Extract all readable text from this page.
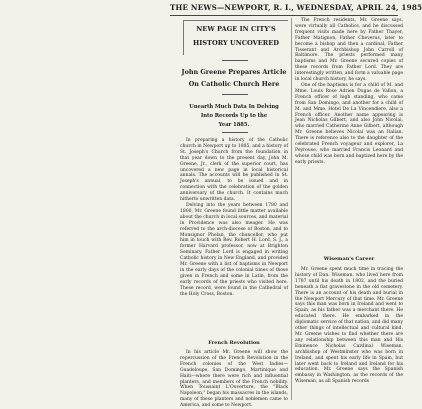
THE NEWS—NEWPORT, R. I., WEDNESDAY, APRIL 24, 1985
NEW PAGE IN CITY'S
HISTORY UNCOVERED
John Greene Prepares Article
On Catholic Church Here
Unearth Much Data In Delving
Into Records Up to the
Year 1885.

In preparing a history of the Catholic church in Newport up to 1885, and a history of St. Joseph's Church from the foundation in that year down to the present day, John M. Greene, Jr., clerk of the superior court, has uncovered a new page in local historical annals. The accounts will be published in St. Joseph's annual, to be issued and in connection with the celebration of the golden anniversary of the church. It contains much hitherto unwritten data.

Delving into the years between 1780 and 1800, Mr. Greene found little matter available about the church in local sources, and material in Providence was also meager. He was referred to the arch-diocese of Boston, and to Monsignor Phelan, the chancellor, who put him in touch with Rev. Robert H. Lord, S. J., a former Harvard professor, now at Brighton Seminary. Father Lord is engaged in writing Catholic history in New England, and provided Mr. Greene with a list of baptisms in Newport in the early days of the colonial times of those given in French and some in Latin, from the early records of the priests who visited here. These record, were found in the Cathedral of the Holy Cross, Boston.

French Revolution

In his article Mr. Greene will show the repercussion of the French Revolution in the French colonies of the West Indies—Guadeloupe, San Domingo, Martinique and Haiti—where there were rich and influential planters, and members of the French nobility. When Toussaint L'Ouverture, the "Black Napoleon," began his massacres in the islands, many of these planters and noblemen came to America, and some to Newport.

The French residents, Mr. Greene says, were virtually all Catholics, and he discussed frequent visits made here by Father Thayer, Father Matignon, Father Cheverus, later to become a bishop and then a cardinal, Father Tisserant and Archbishop John Carroll of Baltimore. The priests performed many baptisms and Mr. Greene secured copies of these records from Father Lord. They are interestingly written, and form a valuable page in local church history, he says.

One of the baptisms is for a child of M. and Mme. Louis Rose Adrien Dugas de Vallon, a French officer of high standing, who came from San Domingo, and another for a child of M. and Mme. Hotel De La Vincendiere, also a French officer. Another name appearing is Jean Nicholas Gilbert, and also John Nicolai, who married Catherine Anne Gilbert, although Mr. Greene believes Nicolai was an Italian. There is reference also to the daughter of the celebrated French voyageur and explorer, La Peyrouse, who married Francis Leonard and whose child was born and baptized here by the early priests.

Wiseman's Career

Mr. Greene spent much time in tracing the history of Dan. Wiseman, who lived here from 1787 until his death in 1802, and the buried beneath a flat gravestone in the old cemetery. There is an account of his death and burial in the Newport Mercury of that time. Mr. Greene says this man was born in Ireland and went to Spain, as his father was a merchant there. He educated there. He embarked in the diplomatic service of that nation, and did many other things of intellectual and cultural kind. Mr. Greene wishes to find whether there are any relationship between this man and His Eminence Nicholas Cardinal Wiseman, archbishop of Westminster who was born in Ireland, and spent his early life in Spain, but later went back to Ireland and Ireland for his education. Mr. Greene says the Spanish embassy in Washington, as the records of the Wiseman, as all Spanish records
